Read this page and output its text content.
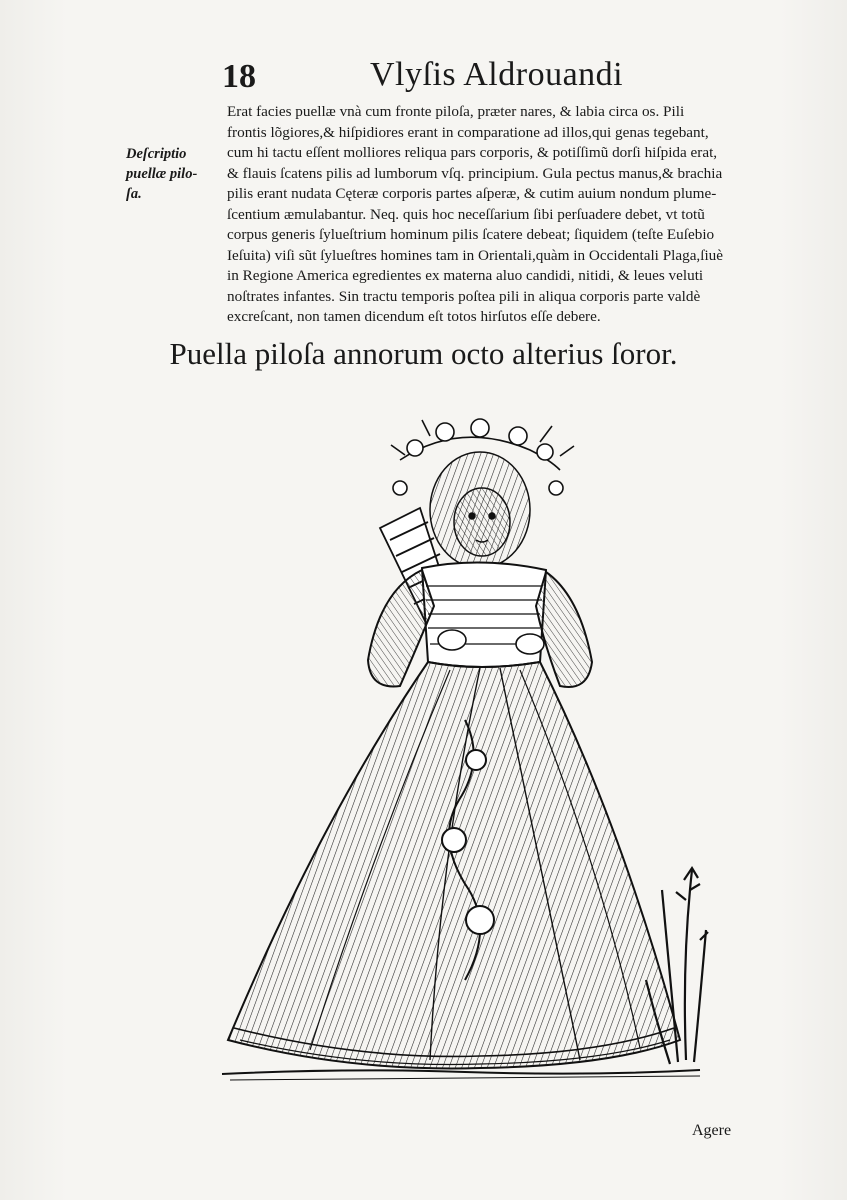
18	Vlyſis Aldrouandi
Deſcriptio
puellæ pilo-
ſa.
Erat facies puellæ vnà cum fronte piloſa, præter nares, & labia circa os. Pili
frontis lõgiores,& hiſpidiores erant in comparatione ad illos,qui genas tegebant,
cum hi tactu eſſent molliores reliqua pars corporis, & potiſſimũ dorſi hiſpida erat,
& flauis ſcatens pilis ad lumborum vſq. principium. Gula pectus manus,& brachia
pilis erant nudata Cęteræ corporis partes aſperæ, & cutim auium nondum plume-
ſcentium æmulabantur. Neq. quis hoc neceſſarium ſibi perſuadere debet, vt totũ
corpus generis ſylueſtrium hominum pilis ſcatere debeat; ſiquidem (teſte Euſebio
Ieſuita) viſi sũt ſylueſtres homines tam in Orientali,quàm in Occidentali Plaga,ſiuè
in Regione America egredientes ex materna aluo candidi, nitidi, & leues veluti
noſtrates infantes. Sin tractu temporis poſtea pili in aliqua corporis parte valdè
excreſcant, non tamen dicendum eſt totos hirſutos eſſe debere.
Puella piloſa annorum octo alterius ſoror.
Agere
